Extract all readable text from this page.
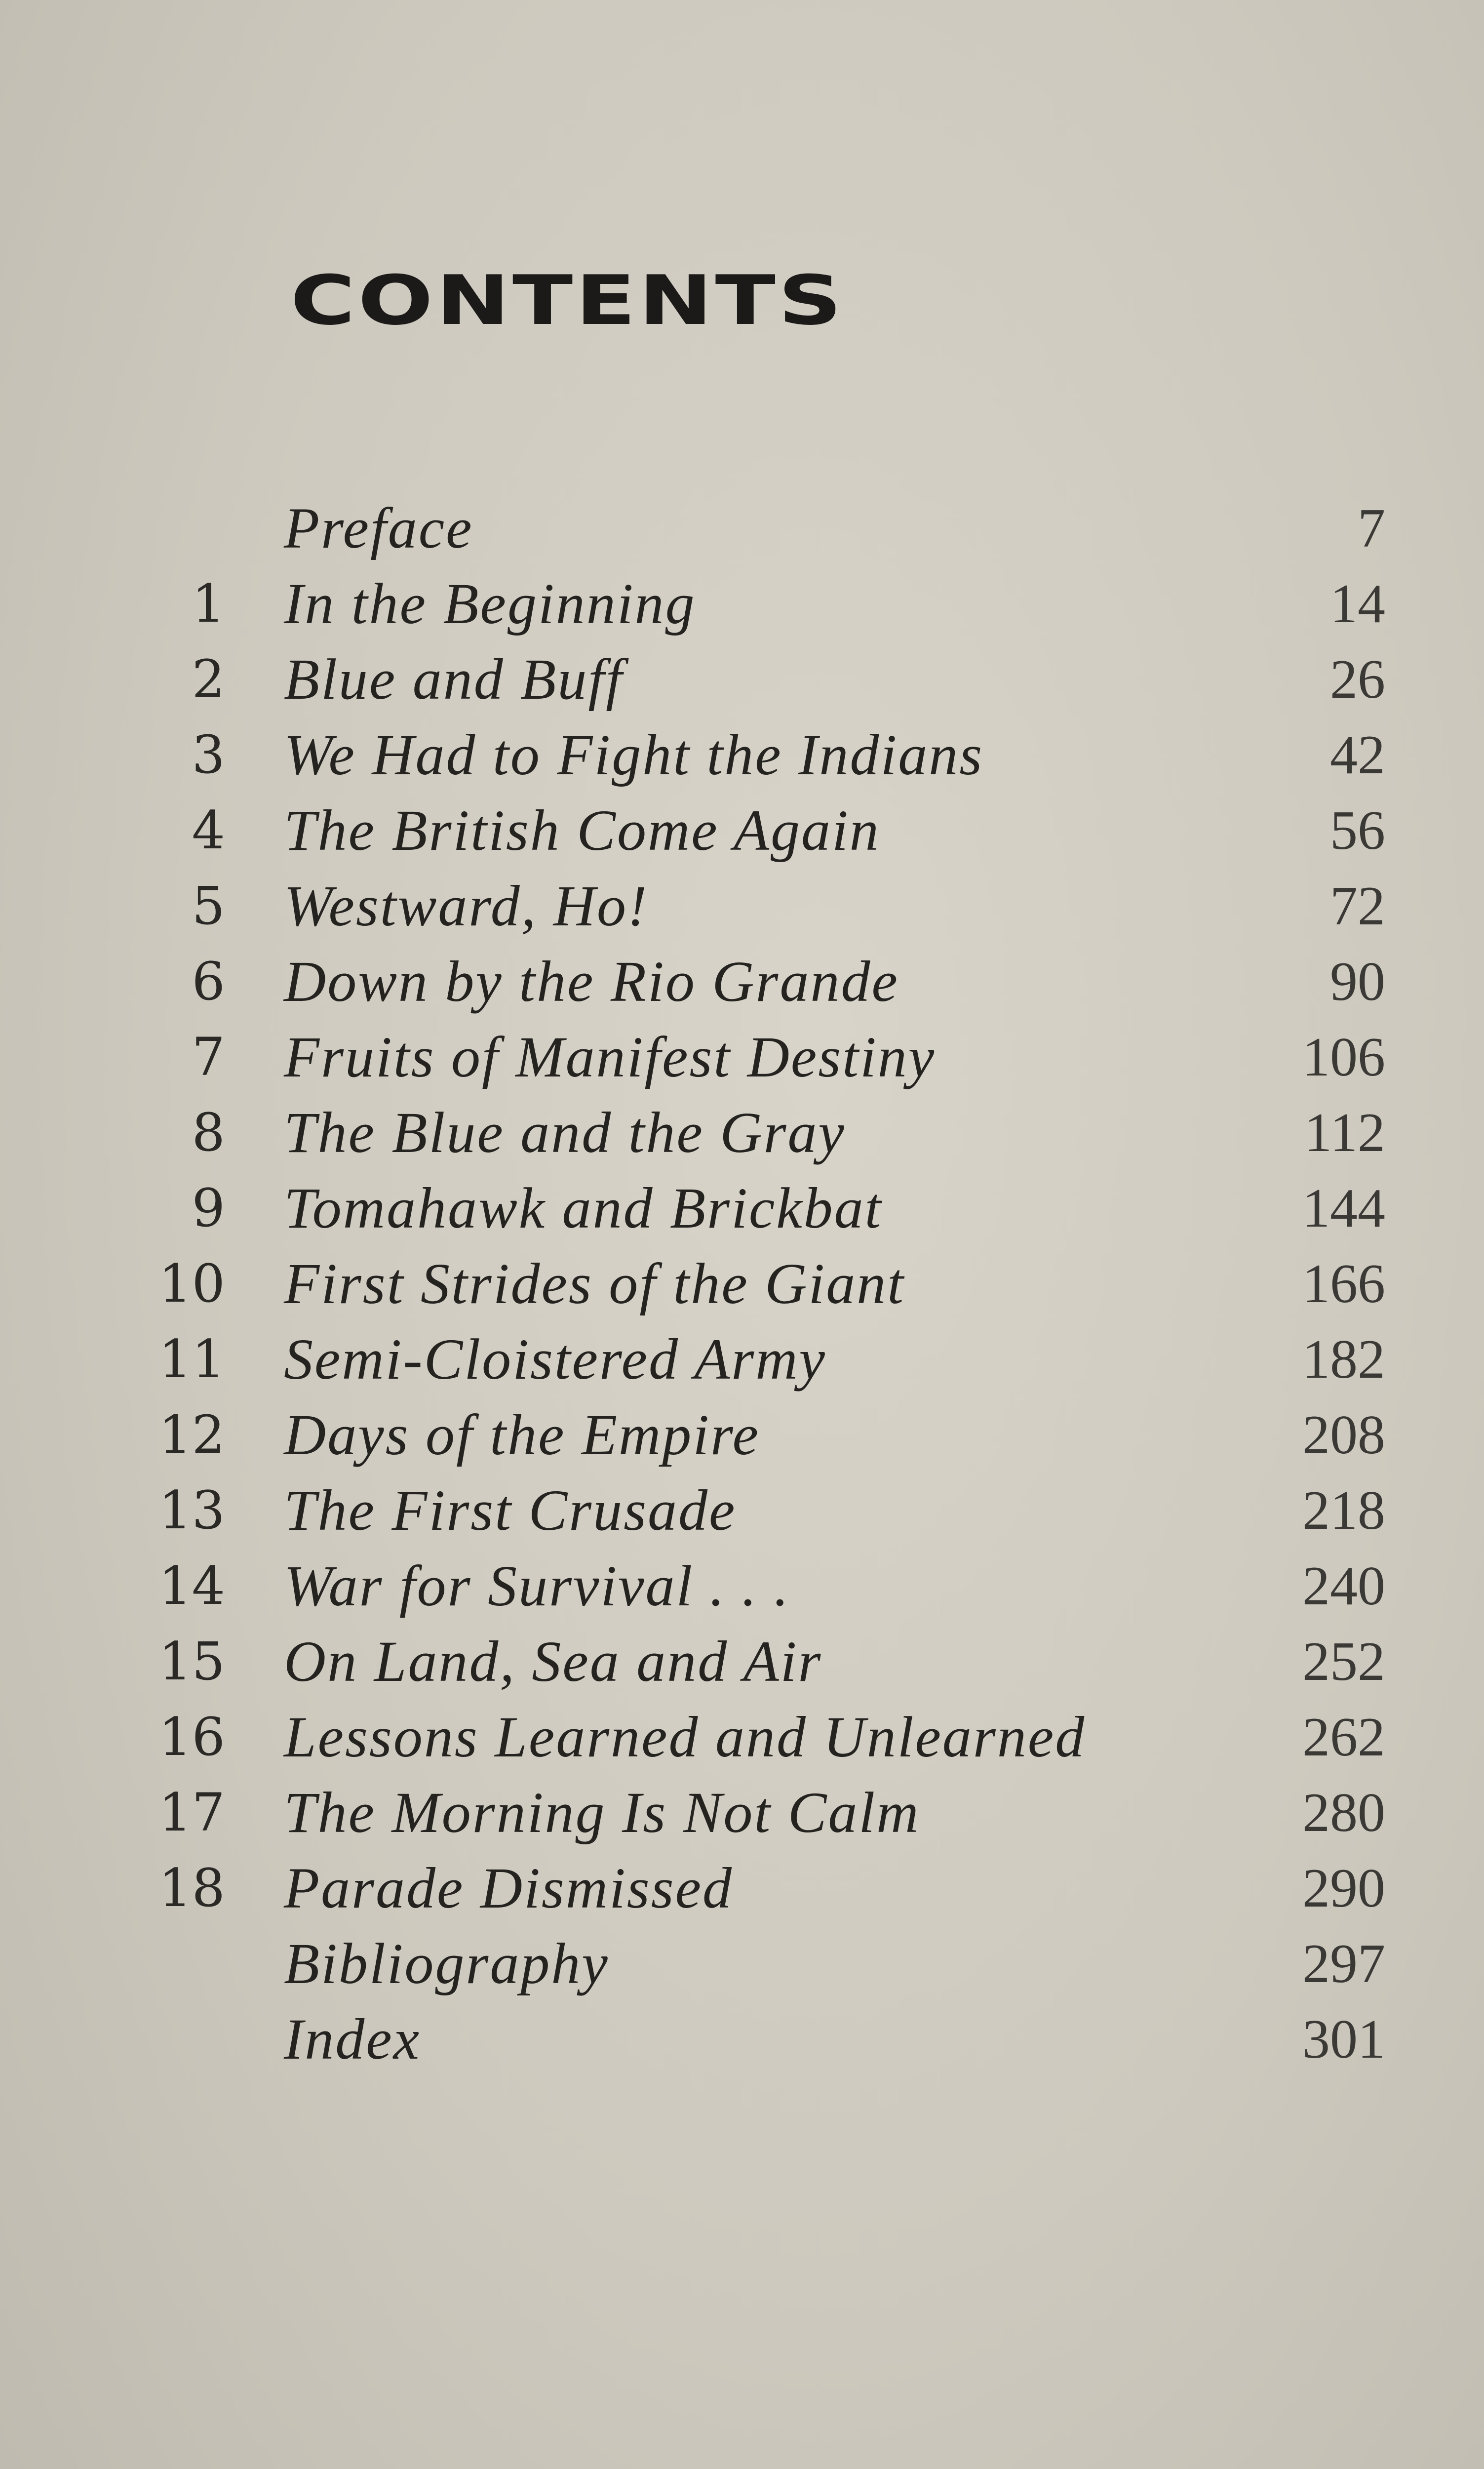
CONTENTS
Preface	7
1 In the Beginning	14
2 Blue and Buff	26
3 We Had to Fight the Indians	42
4 The British Come Again	56
5 Westward, Ho!	72
6 Down by the Rio Grande	90
7 Fruits of Manifest Destiny	106
8 The Blue and the Gray	112
9 Tomahawk and Brickbat	144
10 First Strides of the Giant	166
11 Semi-Cloistered Army	182
12 Days of the Empire	208
13 The First Crusade	218
14 War for Survival . . .	240
15 On Land, Sea and Air	252
16 Lessons Learned and Unlearned	262
17 The Morning Is Not Calm	280
18 Parade Dismissed	290
Bibliography	297
Index	301
